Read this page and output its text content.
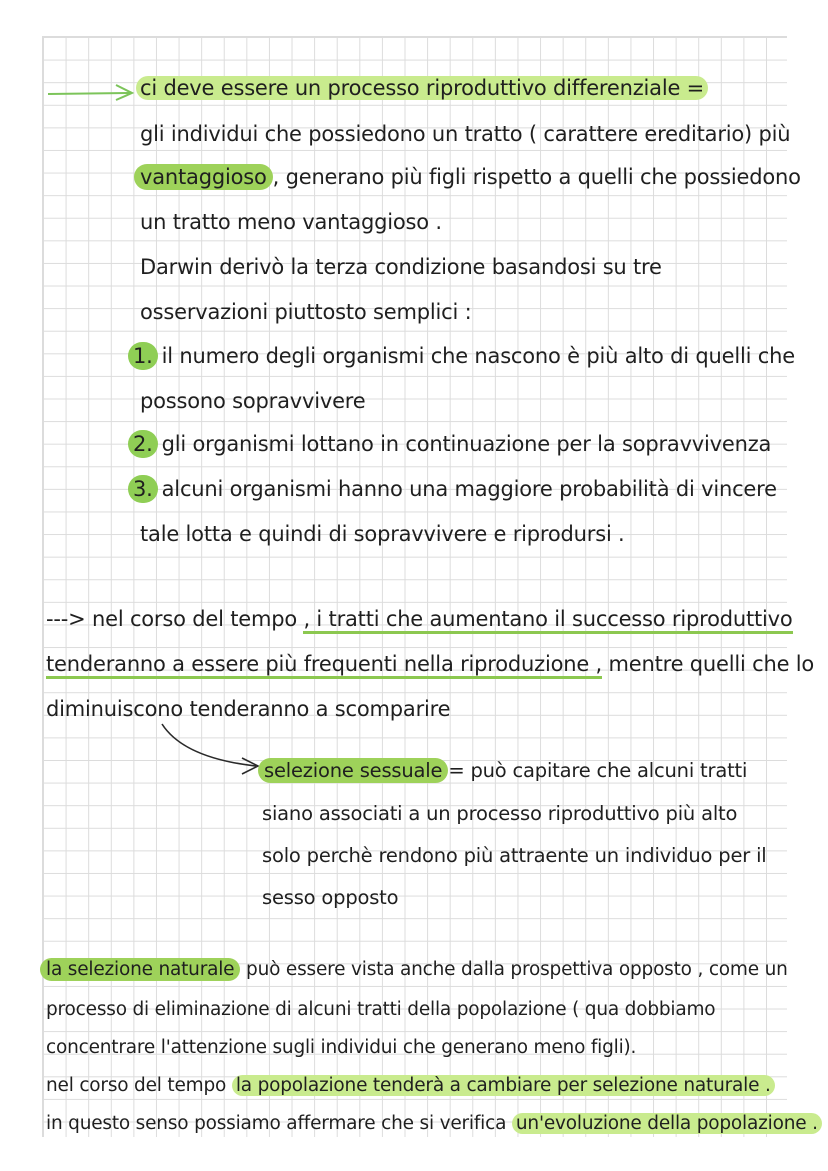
ci deve essere un processo riproduttivo differenziale =
gli individui che possiedono un tratto ( carattere ereditario) più
vantaggioso , generano più figli rispetto a quelli che possiedono
un tratto meno vantaggioso .
Darwin derivò la terza condizione basandosi su tre
osservazioni piuttosto semplici :
1. il numero degli organismi che nascono è più alto di quelli che
possono sopravvivere
2. gli organismi lottano in continuazione per la sopravvivenza
3. alcuni organismi hanno una maggiore probabilità di vincere
tale lotta e quindi di sopravvivere e riprodursi .
---> nel corso del tempo , i tratti che aumentano il successo riproduttivo
tenderanno a essere più frequenti nella riproduzione , mentre quelli che lo
diminuiscono tenderanno a scomparire
selezione sessuale = può capitare che alcuni tratti
siano associati a un processo riproduttivo più alto
solo perchè rendono più attraente un individuo per il
sesso opposto
la selezione naturale può essere vista anche dalla prospettiva opposto , come un
processo di eliminazione di alcuni tratti della popolazione ( qua dobbiamo
concentrare l'attenzione sugli individui che generano meno figli).
nel corso del tempo la popolazione tenderà a cambiare per selezione naturale .
in questo senso possiamo affermare che si verifica un'evoluzione della popolazione .
